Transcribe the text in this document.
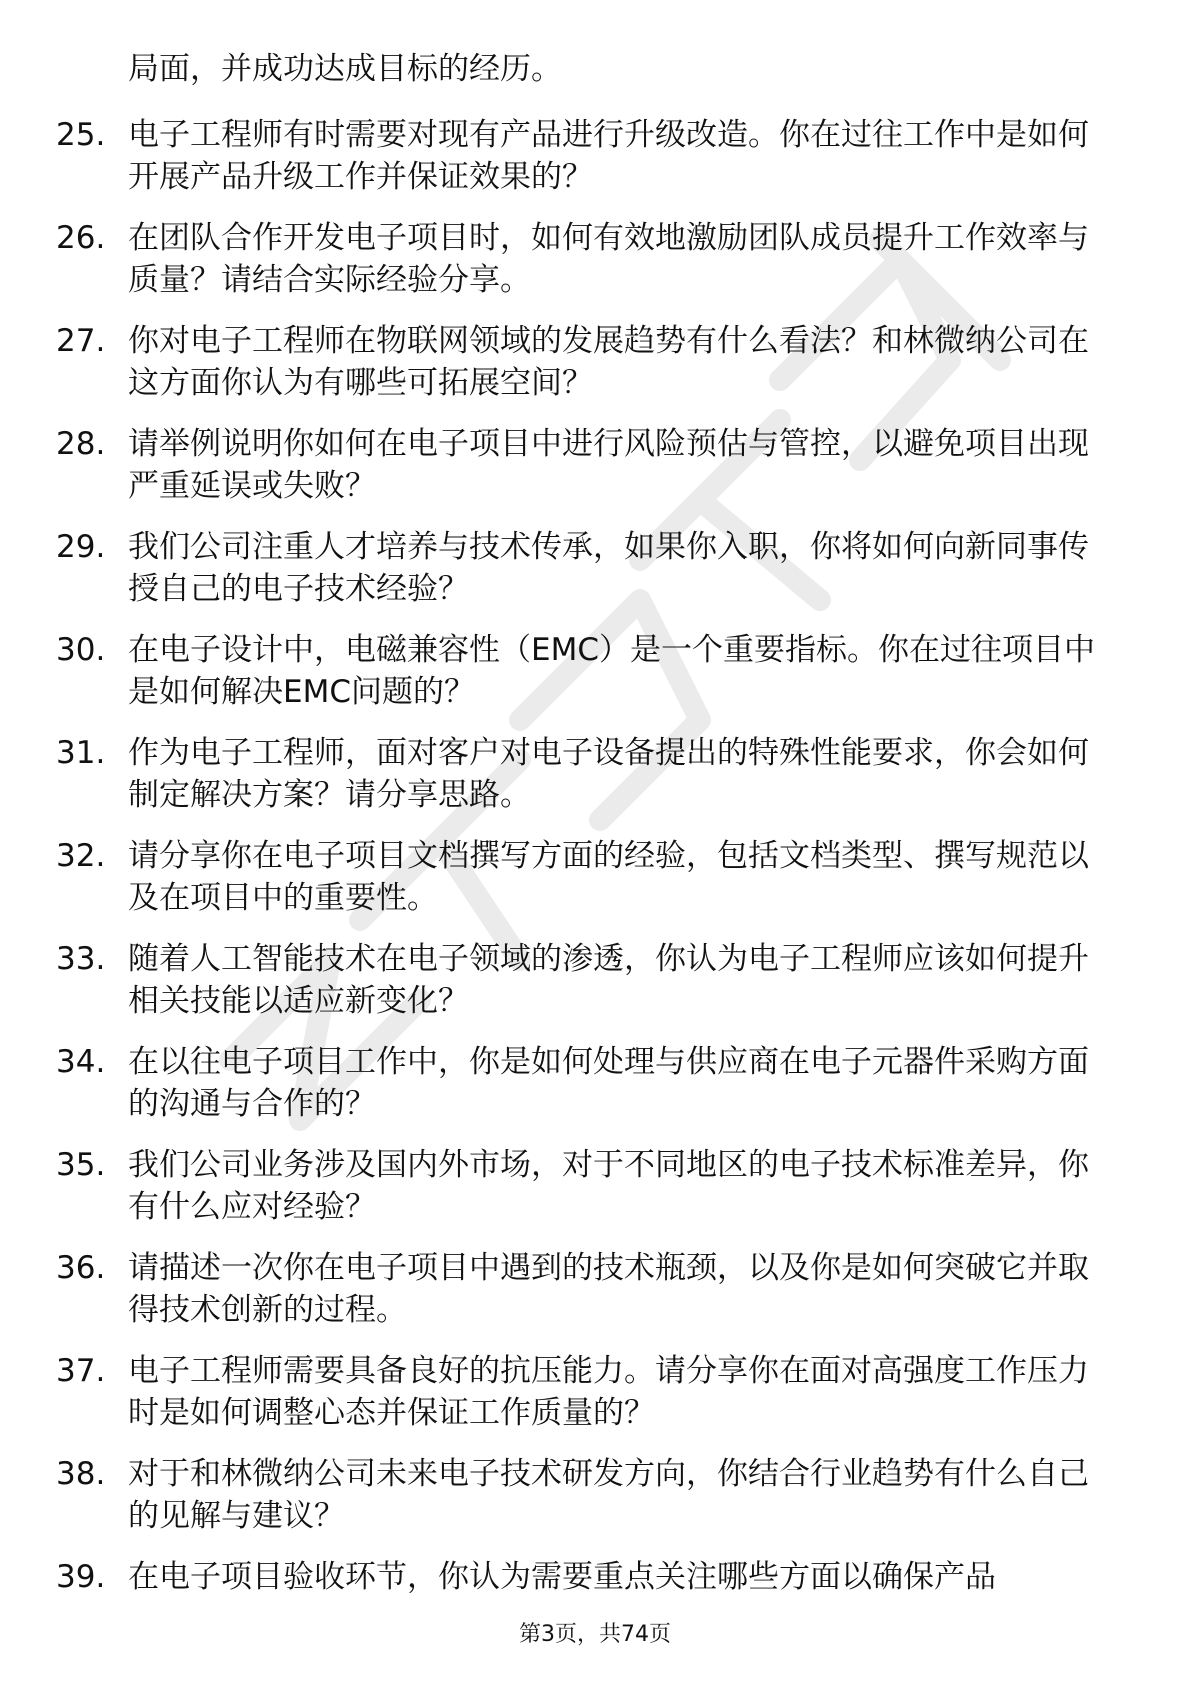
局面，并成功达成目标的经历。
25. 电子工程师有时需要对现有产品进行升级改造。你在过往工作中是如何开展产品升级工作并保证效果的？
26. 在团队合作开发电子项目时，如何有效地激励团队成员提升工作效率与质量？请结合实际经验分享。
27. 你对电子工程师在物联网领域的发展趋势有什么看法？和林微纳公司在这方面你认为有哪些可拓展空间？
28. 请举例说明你如何在电子项目中进行风险预估与管控，以避免项目出现严重延误或失败？
29. 我们公司注重人才培养与技术传承，如果你入职，你将如何向新同事传授自己的电子技术经验？
30. 在电子设计中，电磁兼容性（EMC）是一个重要指标。你在过往项目中是如何解决EMC问题的？
31. 作为电子工程师，面对客户对电子设备提出的特殊性能要求，你会如何制定解决方案？请分享思路。
32. 请分享你在电子项目文档撰写方面的经验，包括文档类型、撰写规范以及在项目中的重要性。
33. 随着人工智能技术在电子领域的渗透，你认为电子工程师应该如何提升相关技能以适应新变化？
34. 在以往电子项目工作中，你是如何处理与供应商在电子元器件采购方面的沟通与合作的？
35. 我们公司业务涉及国内外市场，对于不同地区的电子技术标准差异，你有什么应对经验？
36. 请描述一次你在电子项目中遇到的技术瓶颈，以及你是如何突破它并取得技术创新的过程。
37. 电子工程师需要具备良好的抗压能力。请分享你在面对高强度工作压力时是如何调整心态并保证工作质量的？
38. 对于和林微纳公司未来电子技术研发方向，你结合行业趋势有什么自己的见解与建议？
39. 在电子项目验收环节，你认为需要重点关注哪些方面以确保产品
第3页，共74页
